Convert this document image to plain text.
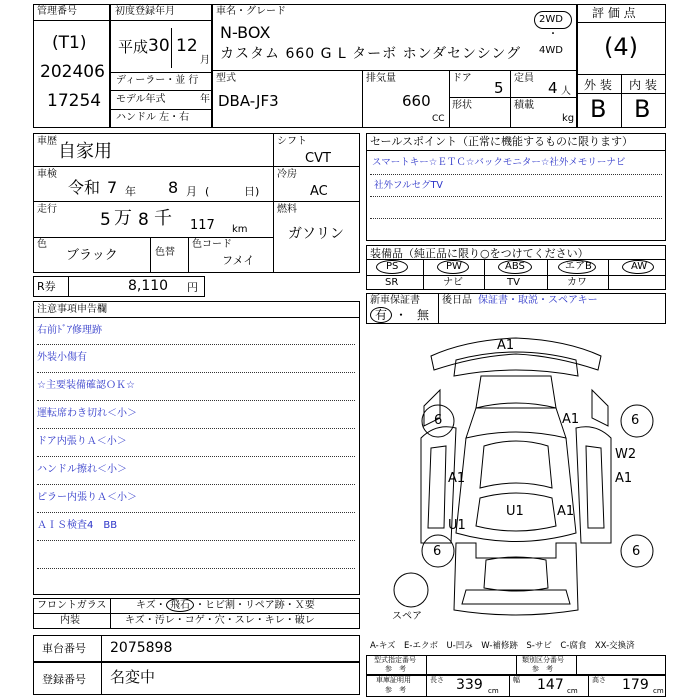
管理番号
(T1)
202406
17254
初度登録年月
平成 30 12
月
ディーラー・並 行
モデル年式	年
ハンドル 左・右
車名・グレード
N-BOX
カスタム 660 G L ターボ ホンダセンシング
型式
DBA-JF3
排気量
660
CC
ドア
5
定員
4 人
形状	積載
kg
2WD
・
4WD
評 価 点
(4)
外 装 内 装
B B
車歴 自家用
車検
令和 7 年 8 月 (	日)
走行
5 万 8 千 117 km
色
ブラック	色替
色コード
フメイ
シフト
CVT
冷房
AC
燃料
ガソリン
R券	8,110 円
セールスポイント（正常に機能するものに限ります）
スマートキー☆ＥＴＣ☆バックモニター☆社外メモリーナビ
社外フルセグTV
装備品（純正品に限り○をつけてください）
PS	PW	ABS	エアB	AW
SR	ナビ	TV	カワ
新車保証書
有 ・ 無
後日品 保証書・取説・スペアキー
注意事項申告欄
右前ﾄﾞｱ修理跡
外装小傷有
☆主要装備確認ＯＫ☆
運転席わき切れ＜小＞
ドア内張りＡ＜小＞
ハンドル擦れ＜小＞
ピラー内張りＡ＜小＞
ＡＩＳ検査4　BB
A1
A1
6	6
W2
A1	A1
U1	A1
U1
6	6
スペア
フロントガラス	キズ・ 飛石 ・ヒビ割・リペア跡・Ｘ要
内装	キズ・汚レ・コゲ・穴・スレ・キレ・破レ
車台番号 2075898
登録番号 名変中
A-キズ　E-エクボ　U-凹み　W-補修跡　S-サビ　C-腐食　XX-交換済
型式指定番号
参　考
類別区分番号
参　考
車庫証明用
参　考
長さ 339 cm
幅 147 cm
高さ 179 cm
